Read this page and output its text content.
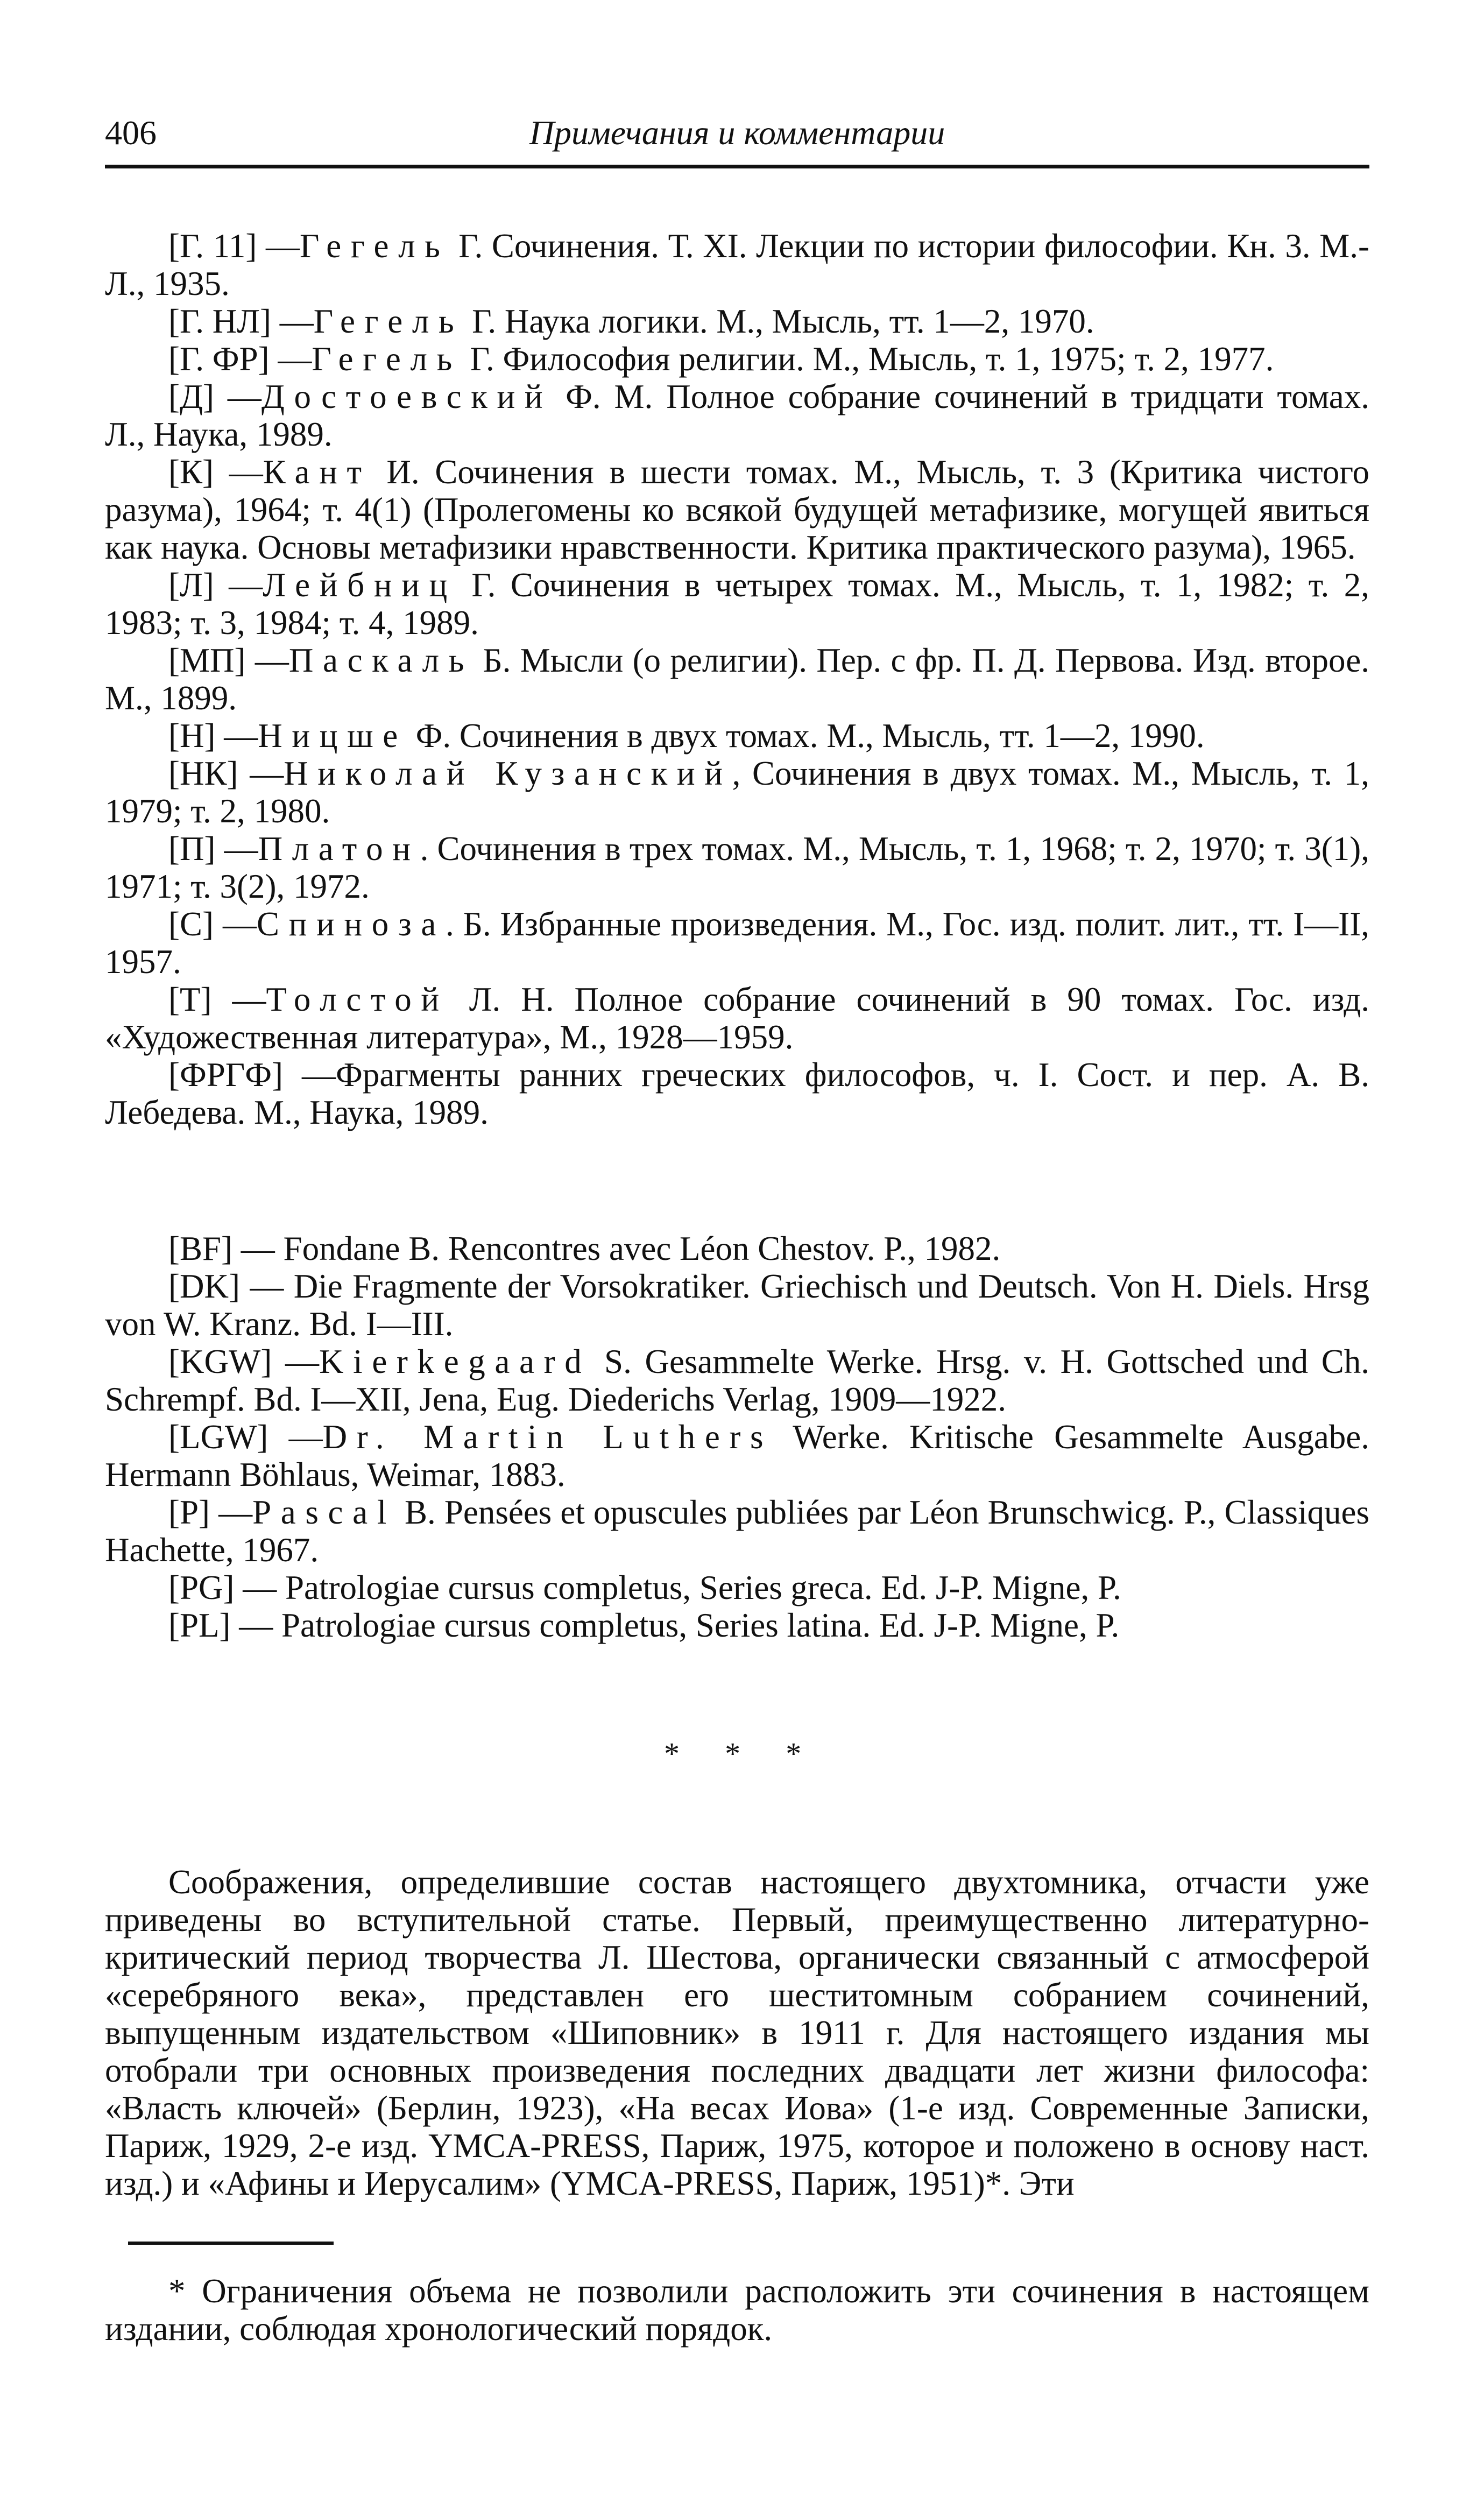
406	Примечания и комментарии

[Г. 11] —Гегель Г. Сочинения. Т. XI. Лекции по истории философии. Кн. 3. М.-Л., 1935.

[Г. НЛ] —Гегель Г. Наука логики. М., Мысль, тт. 1—2, 1970.

[Г. ФР] —Гегель Г. Философия религии. М., Мысль, т. 1, 1975; т. 2, 1977.

[Д] —Достоевский Ф. М. Полное собрание сочинений в тридцати томах. Л., Наука, 1989.

[К] —Кант И. Сочинения в шести томах. М., Мысль, т. 3 (Критика чистого разума), 1964; т. 4(1) (Пролегомены ко всякой будущей метафизике, могущей явиться как наука. Основы метафизики нравственности. Критика практического разума), 1965.

[Л] —Лейбниц Г. Сочинения в четырех томах. М., Мысль, т. 1, 1982; т. 2, 1983; т. 3, 1984; т. 4, 1989.

[МП] —Паскаль Б. Мысли (о религии). Пер. с фр. П. Д. Первова. Изд. второе. М., 1899.

[Н] —Ницше Ф. Сочинения в двух томах. М., Мысль, тт. 1—2, 1990.

[НК] —Николай Кузанский, Сочинения в двух томах. М., Мысль, т. 1, 1979; т. 2, 1980.

[П] —Платон. Сочинения в трех томах. М., Мысль, т. 1, 1968; т. 2, 1970; т. 3(1), 1971; т. 3(2), 1972.

[С] —Спиноза. Б. Избранные произведения. М., Гос. изд. полит. лит., тт. I—II, 1957.

[Т] —Толстой Л. Н. Полное собрание сочинений в 90 томах. Гос. изд. «Художественная литература», М., 1928—1959.

[ФРГФ] —Фрагменты ранних греческих философов, ч. I. Сост. и пер. А. В. Лебедева. М., Наука, 1989.

[BF] — Fondane B. Rencontres avec Léon Chestov. P., 1982.

[DK] — Die Fragmente der Vorsokratiker. Griechisch und Deutsch. Von H. Diels. Hrsg von W. Kranz. Bd. I—III.

[KGW] —Kierkegaard S. Gesammelte Werke. Hrsg. v. H. Gottsched und Ch. Schrempf. Bd. I—XII, Jena, Eug. Diederichs Verlag, 1909—1922.

[LGW] —Dr. Martin Luthers Werke. Kritische Gesammelte Ausgabe. Hermann Böhlaus, Weimar, 1883.

[P] —Pascal B. Pensées et opuscules publiées par Léon Brunschwicg. P., Classiques Hachette, 1967.

[PG] — Patrologiae cursus completus, Series greca. Ed. J-P. Migne, P.

[PL] — Patrologiae cursus completus, Series latina. Ed. J-P. Migne, P.

* * *

Соображения, определившие состав настоящего двухтомника, отчасти уже приведены во вступительной статье. Первый, преимущественно литературно-критический период творчества Л. Шестова, органически связанный с атмосферой «серебряного века», представлен его шеститомным собранием сочинений, выпущенным издательством «Шиповник» в 1911 г. Для настоящего издания мы отобрали три основных произведения последних двадцати лет жизни философа: «Власть ключей» (Берлин, 1923), «На весах Иова» (1-е изд. Современные Записки, Париж, 1929, 2-е изд. YMCA-PRESS, Париж, 1975, которое и положено в основу наст. изд.) и «Афины и Иерусалим» (YMCA-PRESS, Париж, 1951)*. Эти

* Ограничения объема не позволили расположить эти сочинения в настоящем издании, соблюдая хронологический порядок.
